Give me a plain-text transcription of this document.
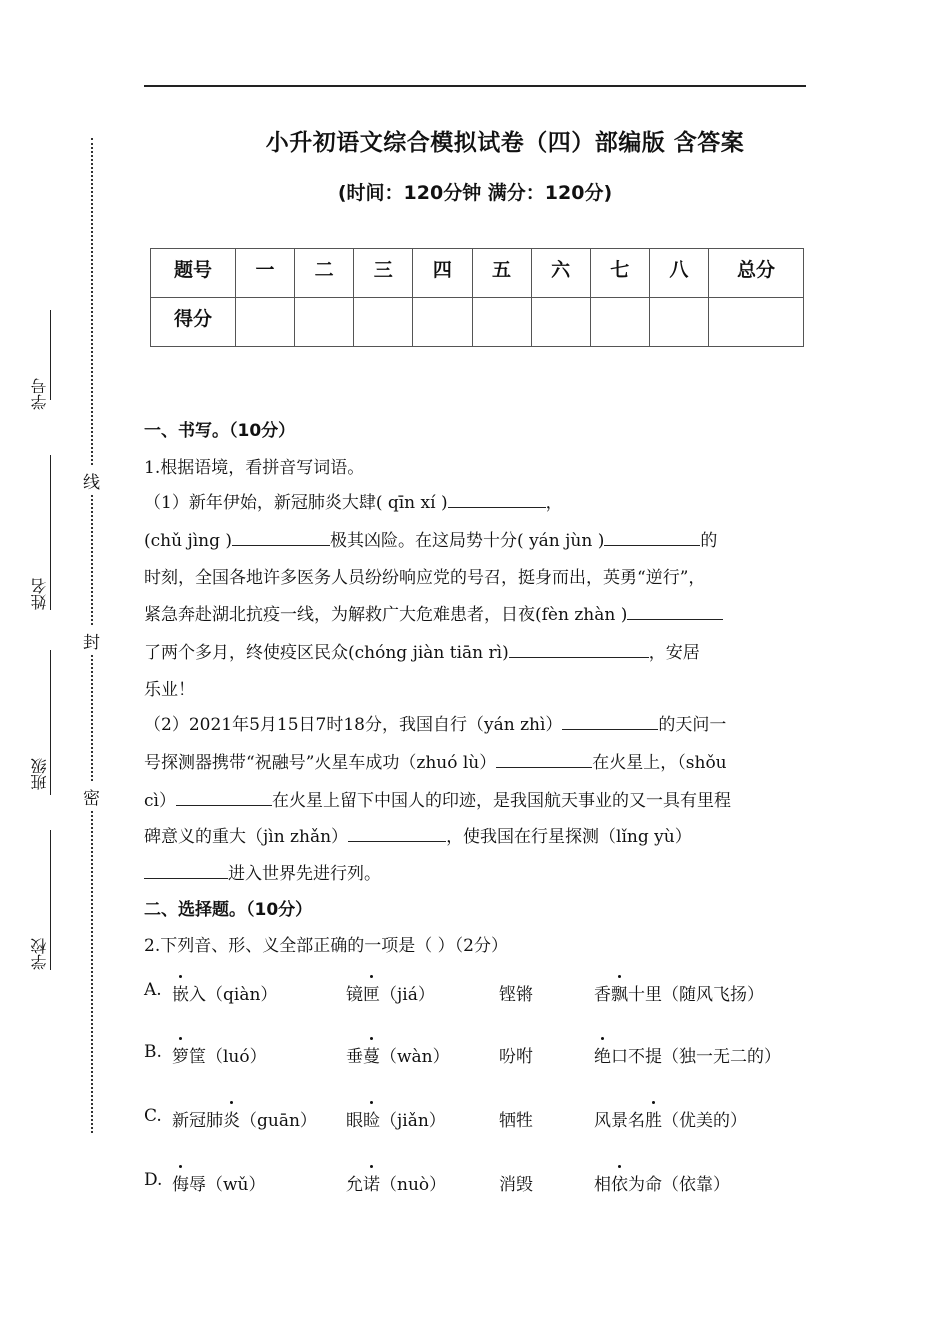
小升初语文综合模拟试卷（四）部编版 含答案
(时间：120分钟 满分：120分)
题号	一	二	三	四	五	六	七	八	总分
得分									
学号
姓名
班级
学校
线
封
密
一、书写。（10分）
1.根据语境，看拼音写词语。
（1）新年伊始，新冠肺炎大肆( qīn xí )	，
(chǔ jìng )	极其凶险。在这局势十分( yán jùn )	的
时刻，全国各地许多医务人员纷纷响应党的号召，挺身而出，英勇“逆行”，
紧急奔赴湖北抗疫一线，为解救广大危难患者，日夜(fèn zhàn )
了两个多月，终使疫区民众(chóng jiàn tiān rì)	，安居
乐业！
（2）2021年5月15日7时18分，我国自行（yán zhì）	的天问一
号探测器携带“祝融号”火星车成功（zhuó lù）	在火星上，（shǒu
cì）	在火星上留下中国人的印迹，是我国航天事业的又一具有里程
碑意义的重大（jìn zhǎn）	，使我国在行星探测（lǐng yù）
进入世界先进行列。
二、选择题。（10分）
2.下列音、形、义全部正确的一项是（ ）（2分）
A. 嵌入（qiàn）	镜匣（jiá）	铿锵	香飘十里（随风飞扬）
B. 箩筐（luó）	垂蔓（wàn）	吩咐	绝口不提（独一无二的）
C. 新冠肺炎（guān） 眼睑（jiǎn）	牺牲	风景名胜（优美的）
D. 侮辱（wǔ）	允诺（nuò）	消毁	相依为命（依靠）
